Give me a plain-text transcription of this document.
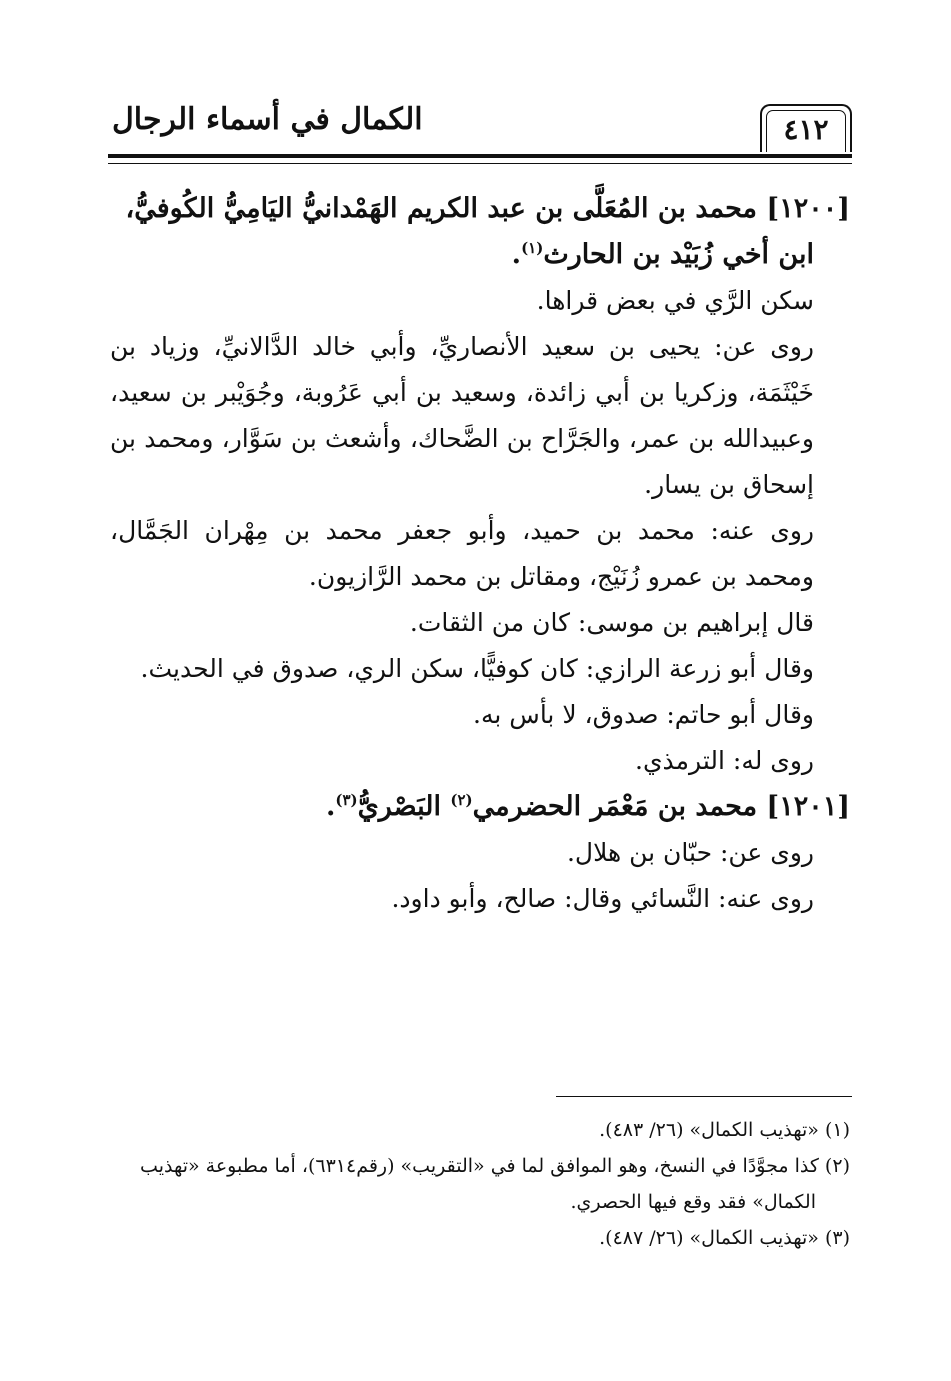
الكمال في أسماء الرجال	٤١٢

[١٢٠٠] محمد بن المُعَلَّى بن عبد الكريم الهَمْدانيُّ اليَامِيُّ الكُوفيُّ،

ابن أخي زُبَيْد بن الحارث$^{(١)}$.

سكن الرَّي في بعض قراها.

روى عن: يحيى بن سعيد الأنصاريِّ، وأبي خالد الدَّالانيِّ، وزياد بن خَيْثَمَة، وزكريا بن أبي زائدة، وسعيد بن أبي عَرُوبة، وجُوَيْبر بن سعيد، وعبيدالله بن عمر، والجَرَّاح بن الضَّحاك، وأشعث بن سَوَّار، ومحمد بن إسحاق بن يسار.

روى عنه: محمد بن حميد، وأبو جعفر محمد بن مِهْران الجَمَّال، ومحمد بن عمرو زُنَيْج، ومقاتل بن محمد الرَّازيون.

قال إبراهيم بن موسى: كان من الثقات.

وقال أبو زرعة الرازي: كان كوفيًّا، سكن الري، صدوق في الحديث.

وقال أبو حاتم: صدوق، لا بأس به.

روى له: الترمذي.

[١٢٠١] محمد بن مَعْمَر الحضرمي$^{(٢)}$ البَصْريُّ$^{(٣)}$.

روى عن: حبّان بن هلال.

روى عنه: النَّسائي وقال: صالح، وأبو داود.

(١) «تهذيب الكمال» (٢٦/ ٤٨٣).

(٢) كذا مجوَّدًا في النسخ، وهو الموافق لما في «التقريب» (رقم٦٣١٤)، أما مطبوعة «تهذيب

الكمال» فقد وقع فيها الحصري.

(٣) «تهذيب الكمال» (٢٦/ ٤٨٧).
